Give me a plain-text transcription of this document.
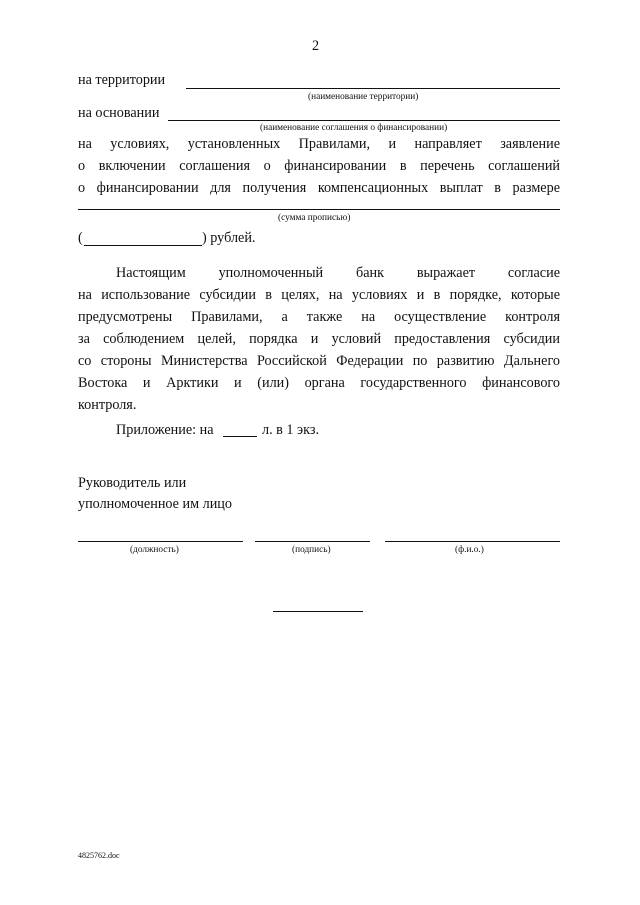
2
на территории
(наименование территории)
на основании
(наименование соглашения о финансировании)
на условиях, установленных Правилами, и направляет заявление
о включении соглашения о финансировании в перечень соглашений
о финансировании для получения компенсационных выплат в размере
(сумма прописью)
(	) рублей.
Настоящим уполномоченный банк выражает согласие
на использование субсидии в целях, на условиях и в порядке, которые
предусмотрены Правилами, а также на осуществление контроля
за соблюдением целей, порядка и условий предоставления субсидии
со стороны Министерства Российской Федерации по развитию Дальнего
Востока и Арктики и (или) органа государственного финансового
контроля.
Приложение: на	л. в 1 экз.
Руководитель или
уполномоченное им лицо
(должность)	(подпись)	(ф.и.о.)
4825762.doc
